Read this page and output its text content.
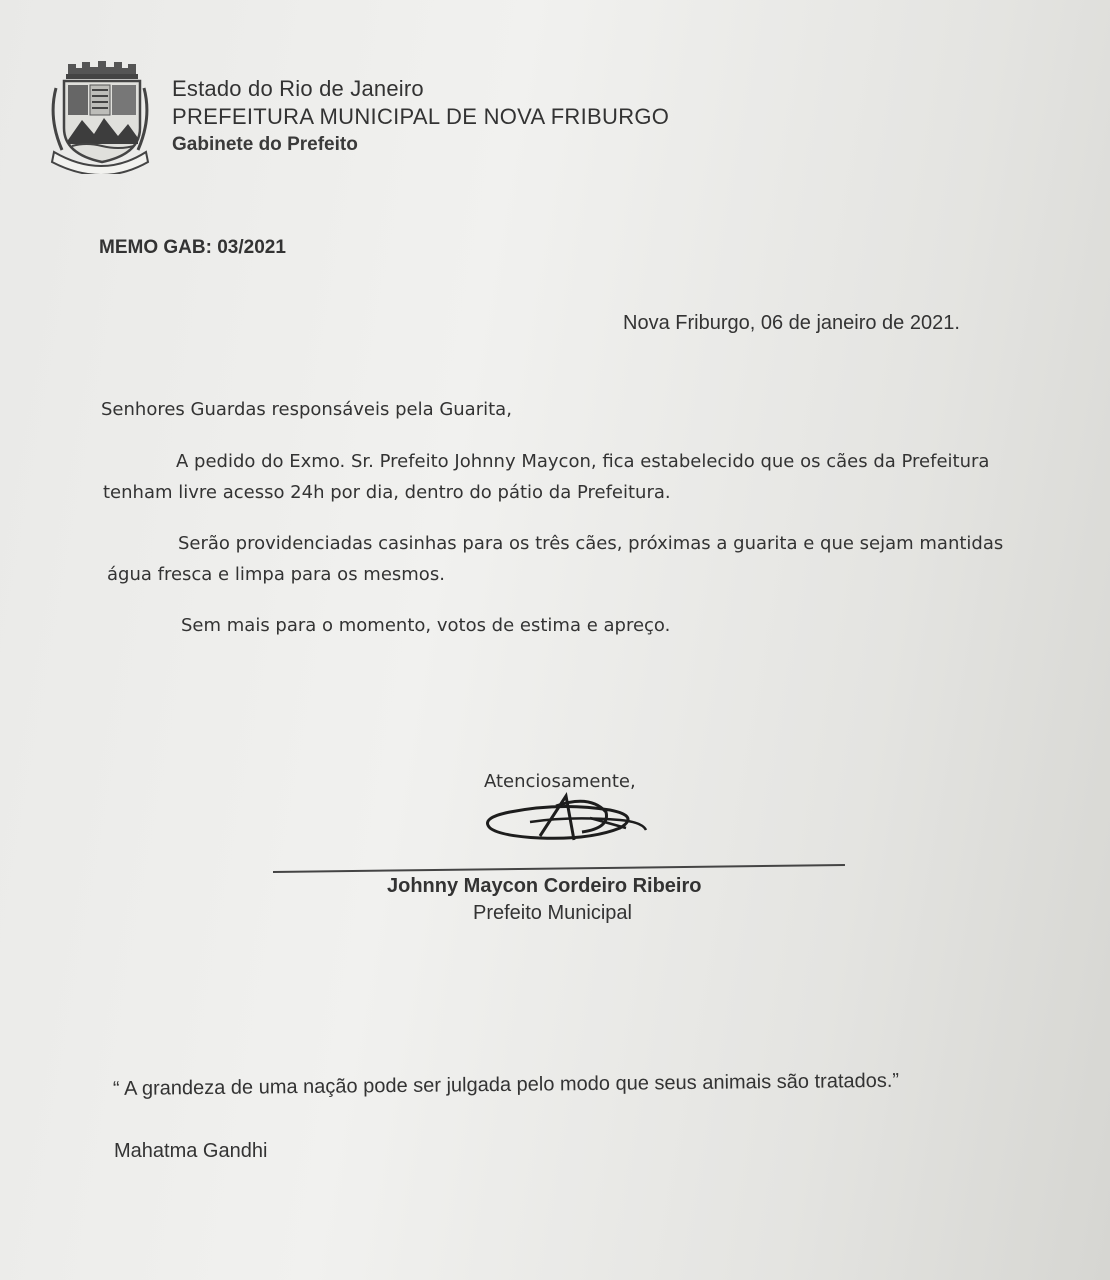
Estado do Rio de Janeiro
PREFEITURA MUNICIPAL DE NOVA FRIBURGO
Gabinete do Prefeito
MEMO GAB: 03/2021
Nova Friburgo, 06 de janeiro de 2021.
Senhores Guardas responsáveis pela Guarita,
A pedido do Exmo. Sr. Prefeito Johnny Maycon, fica estabelecido que os cães da Prefeitura
tenham livre acesso 24h por dia, dentro do pátio da Prefeitura.
Serão providenciadas casinhas para os três cães, próximas a guarita e que sejam mantidas
água fresca e limpa para os mesmos.
Sem mais para o momento, votos de estima e apreço.
Atenciosamente,
Johnny Maycon Cordeiro Ribeiro
Prefeito Municipal
“ A grandeza de uma nação pode ser julgada pelo modo que seus animais são tratados.”
Mahatma Gandhi
